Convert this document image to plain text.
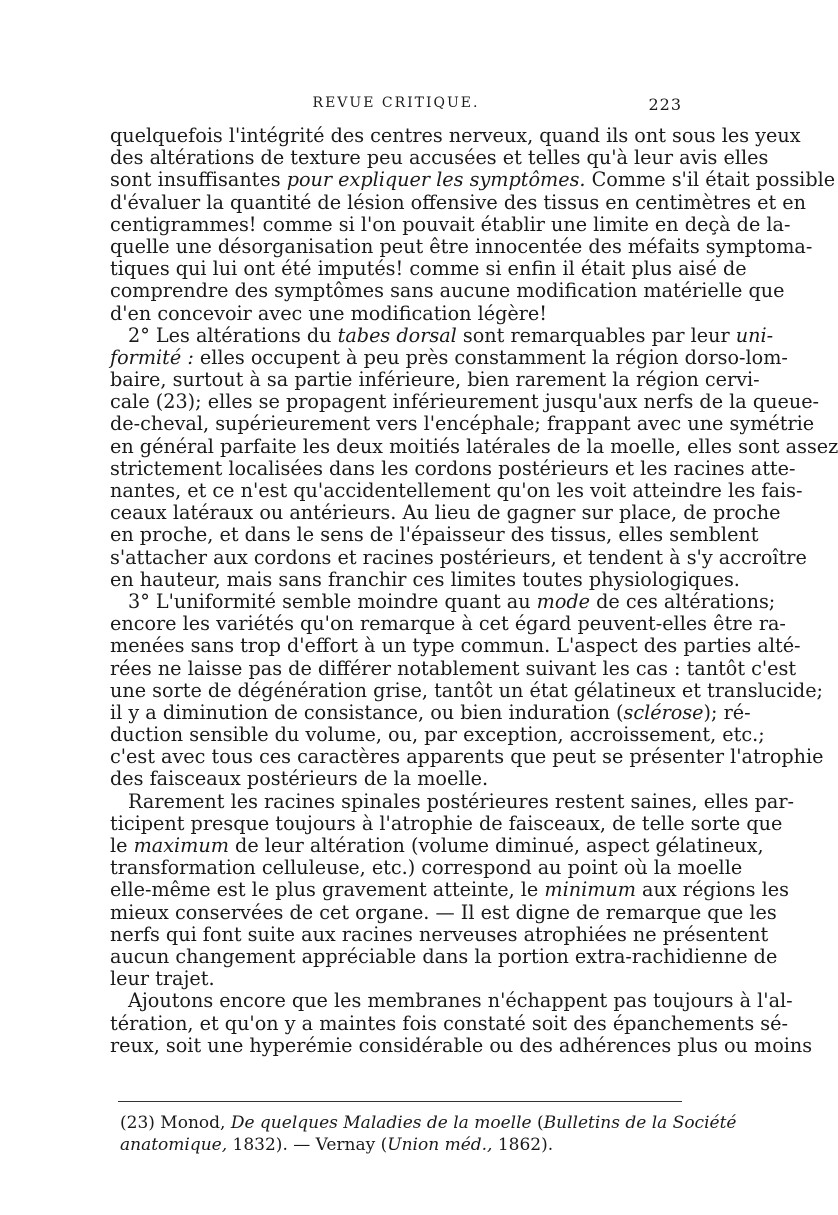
REVUE CRITIQUE.	223
quelquefois l'intégrité des centres nerveux, quand ils ont sous les yeux
des altérations de texture peu accusées et telles qu'à leur avis elles
sont insuffisantes pour expliquer les symptômes. Comme s'il était possible
d'évaluer la quantité de lésion offensive des tissus en centimètres et en
centigrammes! comme si l'on pouvait établir une limite en deçà de la-
quelle une désorganisation peut être innocentée des méfaits symptoma-
tiques qui lui ont été imputés! comme si enfin il était plus aisé de
comprendre des symptômes sans aucune modification matérielle que
d'en concevoir avec une modification légère!
2° Les altérations du tabes dorsal sont remarquables par leur uni-
formité : elles occupent à peu près constamment la région dorso-lom-
baire, surtout à sa partie inférieure, bien rarement la région cervi-
cale (23); elles se propagent inférieurement jusqu'aux nerfs de la queue-
de-cheval, supérieurement vers l'encéphale; frappant avec une symétrie
en général parfaite les deux moitiés latérales de la moelle, elles sont assez
strictement localisées dans les cordons postérieurs et les racines atte-
nantes, et ce n'est qu'accidentellement qu'on les voit atteindre les fais-
ceaux latéraux ou antérieurs. Au lieu de gagner sur place, de proche
en proche, et dans le sens de l'épaisseur des tissus, elles semblent
s'attacher aux cordons et racines postérieurs, et tendent à s'y accroître
en hauteur, mais sans franchir ces limites toutes physiologiques.
3° L'uniformité semble moindre quant au mode de ces altérations;
encore les variétés qu'on remarque à cet égard peuvent-elles être ra-
menées sans trop d'effort à un type commun. L'aspect des parties alté-
rées ne laisse pas de différer notablement suivant les cas : tantôt c'est
une sorte de dégénération grise, tantôt un état gélatineux et translucide;
il y a diminution de consistance, ou bien induration (sclérose); ré-
duction sensible du volume, ou, par exception, accroissement, etc.;
c'est avec tous ces caractères apparents que peut se présenter l'atrophie
des faisceaux postérieurs de la moelle.
Rarement les racines spinales postérieures restent saines, elles par-
ticipent presque toujours à l'atrophie de faisceaux, de telle sorte que
le maximum de leur altération (volume diminué, aspect gélatineux,
transformation celluleuse, etc.) correspond au point où la moelle
elle-même est le plus gravement atteinte, le minimum aux régions les
mieux conservées de cet organe. — Il est digne de remarque que les
nerfs qui font suite aux racines nerveuses atrophiées ne présentent
aucun changement appréciable dans la portion extra-rachidienne de
leur trajet.
Ajoutons encore que les membranes n'échappent pas toujours à l'al-
tération, et qu'on y a maintes fois constaté soit des épanchements sé-
reux, soit une hyperémie considérable ou des adhérences plus ou moins
(23) Monod, De quelques Maladies de la moelle (Bulletins de la Société
anatomique, 1832). — Vernay (Union méd., 1862).
